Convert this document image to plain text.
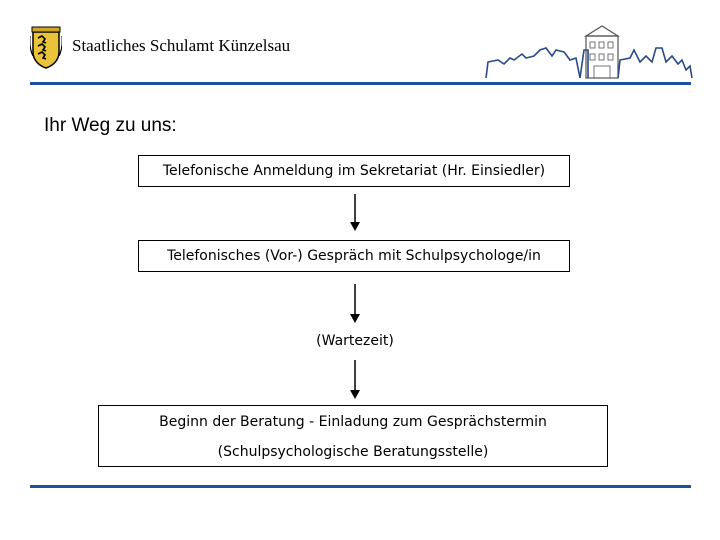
Staatliches Schulamt Künzelsau
Ihr Weg zu uns:
Telefonische Anmeldung im Sekretariat (Hr. Einsiedler)
Telefonisches (Vor-) Gespräch mit Schulpsychologe/in
(Wartezeit)
Beginn der Beratung - Einladung zum Gesprächstermin
(Schulpsychologische Beratungsstelle)
